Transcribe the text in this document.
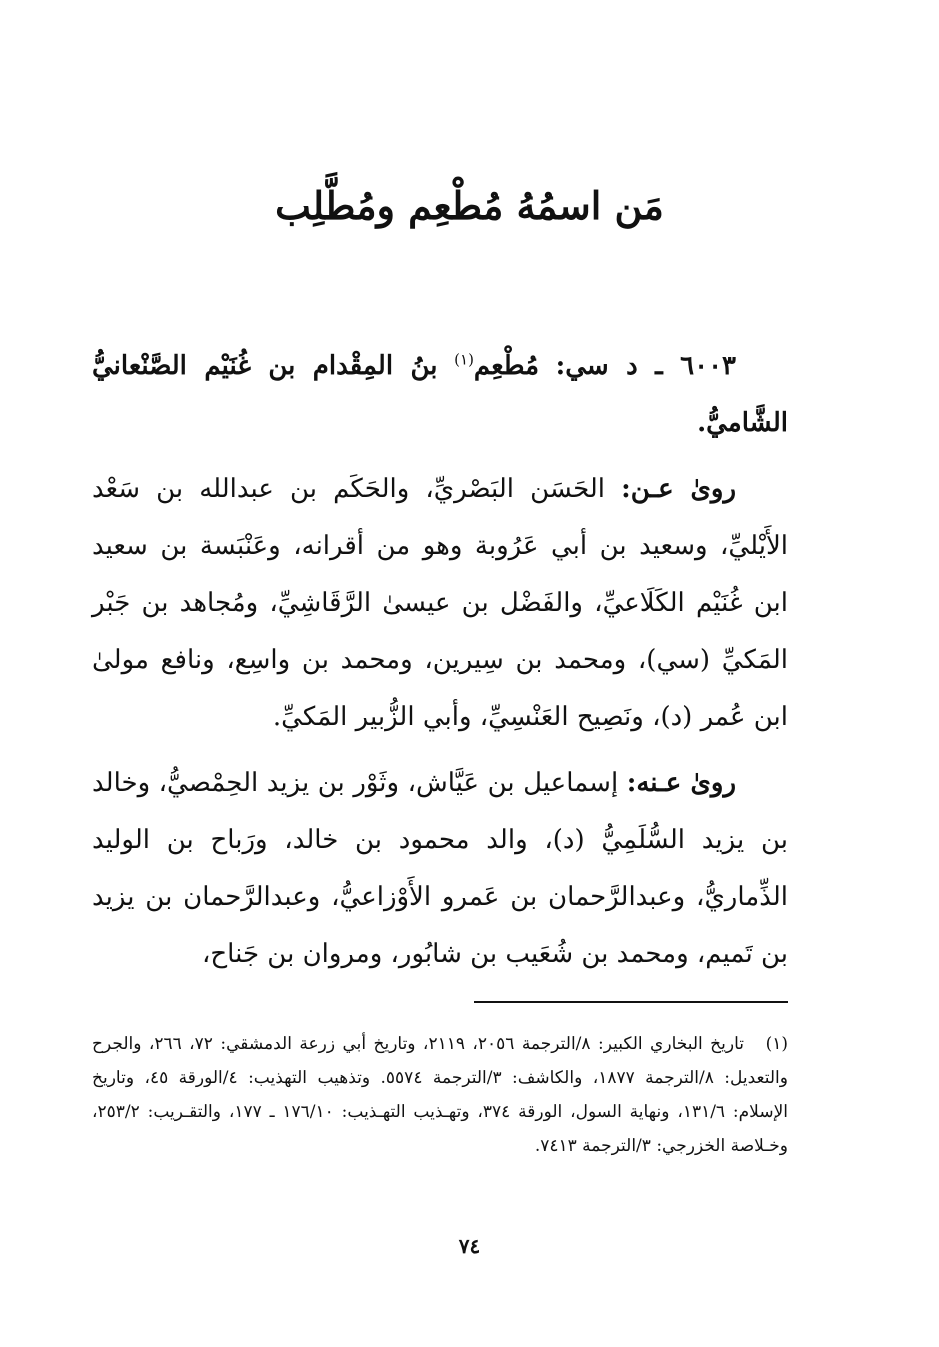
مَن اسمُهُ مُطْعِم ومُطَّلِب

٦٠٠٣ ـ د سي: مُطْعِم$^{(١)}$ بنُ المِقْدام بن غُنَيْم الصَّنْعانيُّ الشَّاميُّ.

روىٰ عـن: الحَسَن البَصْريِّ، والحَكَم بن عبدالله بن سَعْد الأَيْليِّ، وسعيد بن أبي عَرُوبة وهو من أقرانه، وعَنْبَسة بن سعيد ابن غُنَيْم الكَلَاعيِّ، والفَضْل بن عيسىٰ الرَّقَاشِيِّ، ومُجاهد بن جَبْر المَكيِّ (سي)، ومحمد بن سِيرين، ومحمد بن واسِع، ونافع مولىٰ ابن عُمر (د)، ونَصِيح العَنْسِيِّ، وأبي الزُّبير المَكيِّ.

روىٰ عـنه: إسماعيل بن عَيَّاش، وثَوْر بن يزيد الحِمْصيُّ، وخالد بن يزيد السُّلَمِيُّ (د)، والد محمود بن خالد، ورَباح بن الوليد الذِّماريُّ، وعبدالرَّحمان بن عَمرو الأَوْزاعيُّ، وعبدالرَّحمان بن يزيد بن تَميم، ومحمد بن شُعَيب بن شابُور، ومروان بن جَناح،

(١)تاريخ البخاري الكبير: ٨/الترجمة ٢٠٥٦، ٢١١٩، وتاريخ أبي زرعة الدمشقي: ٧٢، ٢٦٦، والجرح والتعديل: ٨/الترجمة ١٨٧٧، والكاشف: ٣/الترجمة ٥٥٧٤. وتذهيب التهذيب: ٤/الورقة ٤٥، وتاريخ الإسلام: ١٣١/٦، ونهاية السول، الورقة ٣٧٤، وتهـذيب التهـذيب: ١٧٦/١٠ ـ ١٧٧، والتقـريب: ٢٥٣/٢، وخـلاصة الخزرجي: ٣/الترجمة ٧٤١٣.

٧٤
